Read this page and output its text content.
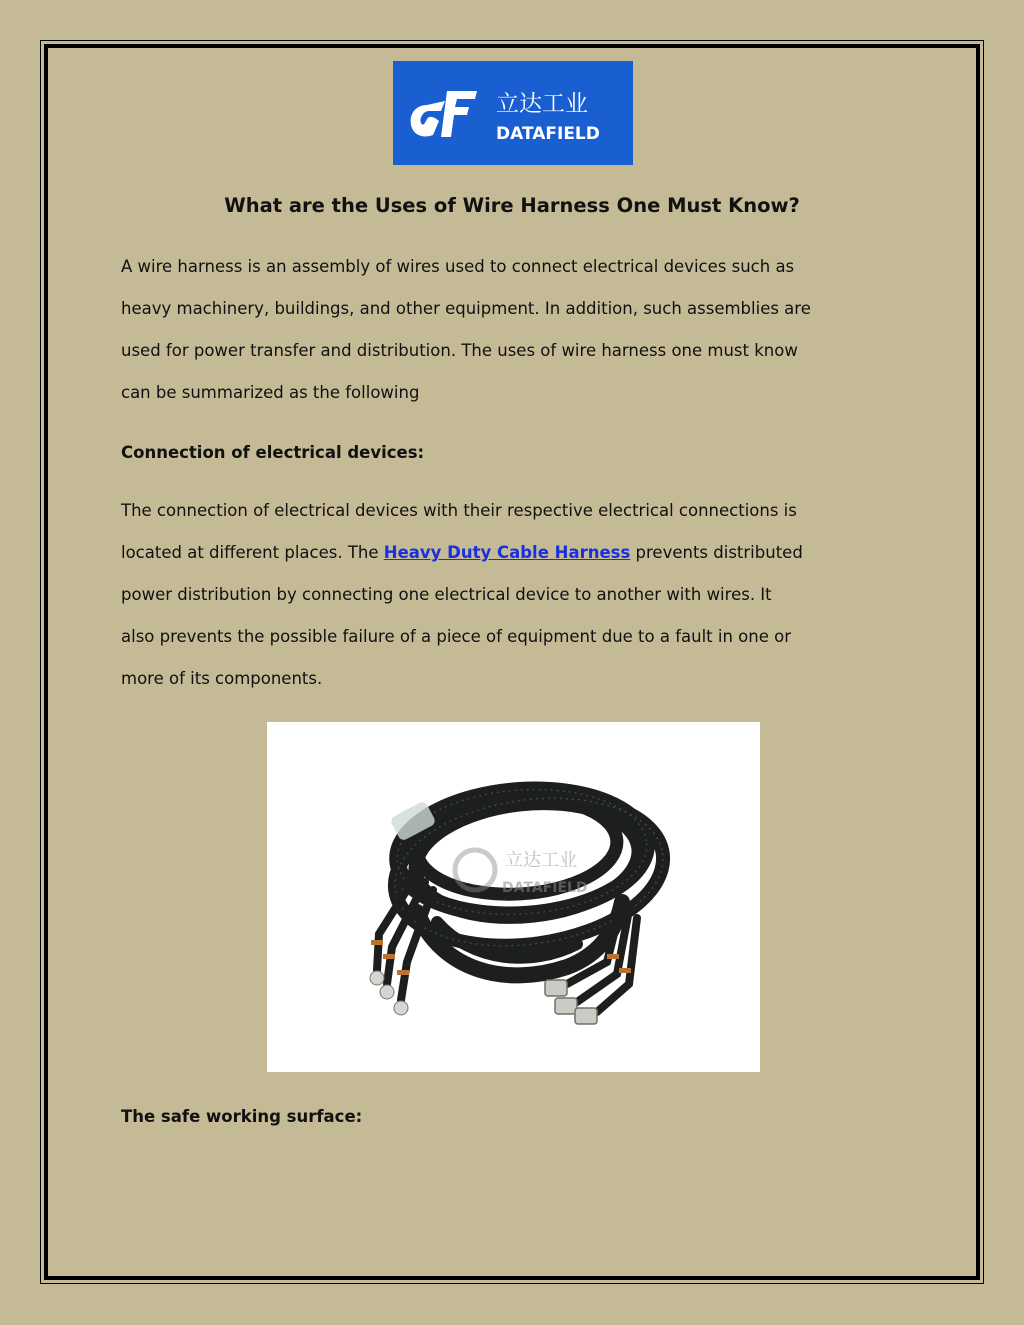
立达工业
DATAFIELD
What are the Uses of Wire Harness One Must Know?

A wire harness is an assembly of wires used to connect electrical devices such as
heavy machinery, buildings, and other equipment. In addition, such assemblies are
used for power transfer and distribution. The uses of wire harness one must know
can be summarized as the following

Connection of electrical devices:

The connection of electrical devices with their respective electrical connections is
located at different places. The Heavy Duty Cable Harness prevents distributed
power distribution by connecting one electrical device to another with wires. It
also prevents the possible failure of a piece of equipment due to a fault in one or
more of its components.

立达工业
DATAFIELD
The safe working surface:
